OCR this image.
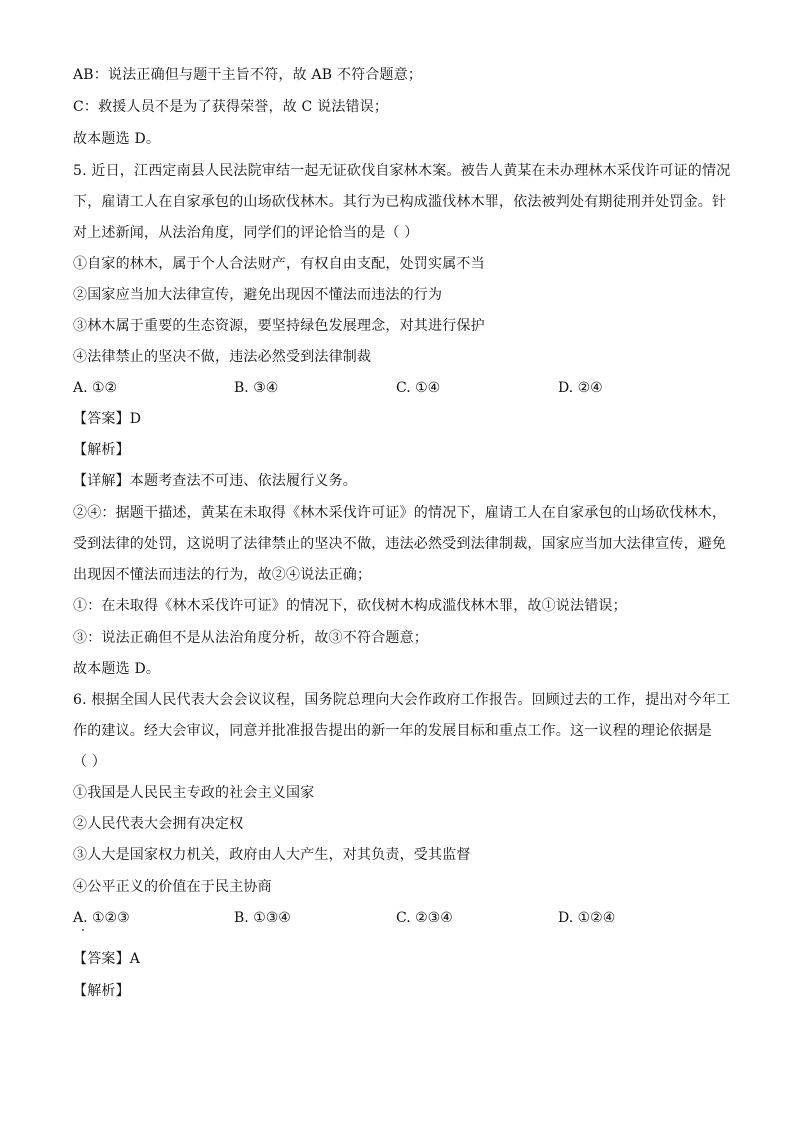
AB：说法正确但与题干主旨不符，故 AB 不符合题意；
C：救援人员不是为了获得荣誉，故 C 说法错误；
故本题选 D。
5. 近日，江西定南县人民法院审结一起无证砍伐自家林木案。被告人黄某在未办理林木采伐许可证的情况
下，雇请工人在自家承包的山场砍伐林木。其行为已构成滥伐林木罪，依法被判处有期徒刑并处罚金。针
对上述新闻，从法治角度，同学们的评论恰当的是（ ）
①自家的林木，属于个人合法财产，有权自由支配，处罚实属不当
②国家应当加大法律宣传，避免出现因不懂法而违法的行为
③林木属于重要的生态资源，要坚持绿色发展理念，对其进行保护
④法律禁止的坚决不做，违法必然受到法律制裁
A. ①②	B. ③④	C. ①④	D. ②④
【答案】D
【解析】
【详解】本题考查法不可违、依法履行义务。
②④：据题干描述，黄某在未取得《林木采伐许可证》的情况下，雇请工人在自家承包的山场砍伐林木，
受到法律的处罚，这说明了法律禁止的坚决不做，违法必然受到法律制裁，国家应当加大法律宣传，避免
出现因不懂法而违法的行为，故②④说法正确；
①：在未取得《林木采伐许可证》的情况下，砍伐树木构成滥伐林木罪，故①说法错误；
③：说法正确但不是从法治角度分析，故③不符合题意；
故本题选 D。
6. 根据全国人民代表大会会议议程，国务院总理向大会作政府工作报告。回顾过去的工作，提出对今年工
作的建议。经大会审议，同意并批准报告提出的新一年的发展目标和重点工作。这一议程的理论依据是
（ ）
①我国是人民民主专政的社会主义国家
②人民代表大会拥有决定权
③人大是国家权力机关，政府由人大产生，对其负责，受其监督
④公平正义的价值在于民主协商
A. ①②③	B. ①③④	C. ②③④	D. ①②④
【答案】A
【解析】
